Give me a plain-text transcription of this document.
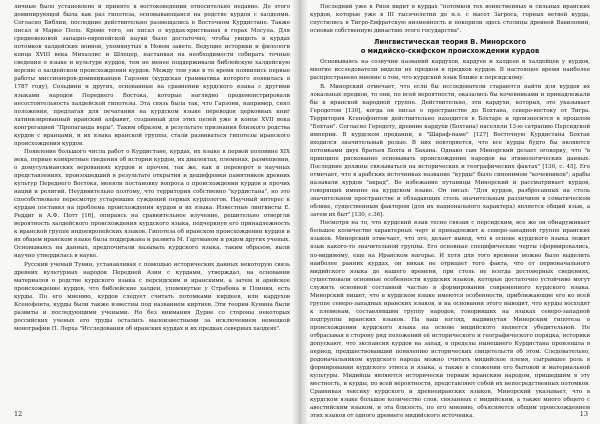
личные было установлено и принято в востоковедении относительно недавно. До этого доминирующей была как раз гипотеза, основывающаяся на родстве курдов с халдеями. Согласно Библии, последние действительно размещались в Восточном Курдистане. Также писал и Марко Поло. Кроме того, он писал о курдах-христианах в горах Мосула. Для средневековой западно-европейской науки было достаточно, чтобы увидеть в курдах потомков халдейских воинов, упомянутых в Новом завете. Ведущие историки и филологи конца XVIII века Михаэлис и Шлецер, настаивая на необходимости собирать точные сведения о языке и культуре курдов, тем не менее поддерживали библейскую халдейскую версию о халдейском происхождении курдов. Между тем уже в то время появились первые работы миссионеров-доминиканцев Гарзони (курдская грамматика которого появилась в 1787 году), Сольдини и других, основанные на сравнении курдского языка с другими языками народов Переднего Востока, которые наглядно продемонстрировали несостоятельность халдейской гипотезы. Эта связь была так, что Гарзони, например, снял положения, предлагая для печатания на курдском языке переводов церковных книг латинизированный иранский алфавит, созданный для этих целей уже в конце XVII века конгрегацией "Пропаганда веры". Таким образом, в результате признания близкого родства курдов с иранцами, и их языка иранской группы, стали развиваться гипотезы иранского происхождения курдов.

Появление большого числа работ о Курдистане, курдах, их языке в первой половине XIX века, первые конкретные сведения об истории курдов, их диалектах, племенах, размещении, о домусульманских верованиях курдов и прочем, так же, как и переворот в научных представлениях, произошедший в результате открытия и дешифровки памятников древних культур Переднего Востока, меняли постановку вопроса о происхождении курдов и прочих наций и религий. Неудивительно поэтому, что территория собственно "курдистана", но это способствовало пересмотру устаревших суждений первых курдологов. Научный интерес к курдам поставил на проблема происхождения курдов и их языка. Известные лингвисты Е. Реддиг и А.Ф. Потт [16], опираясь на сравнительное изучение, решительно отвергли вероятность халдейского происхождения курдского языка, подчеркнув его принадлежность к иранской группе индоевропейских языков. Гипотеза об иранском происхождении курдов и их общем иранском языке была поддержана и развита М. Гартманом и рядом других ученых. Основываясь на данных, предпочитали называть курдского языка, таким образом, выли научно утвердилась в науке.

Русский ученый Тунин, устанавливая с помощью исторических данных некоторую связь древних культурных народов Передней Азии с курдами, утверждал, на основании материалов о родстве курдского языка с персидским и иранскими, а затем и арийское происхождение курдов, что библейские халдеи, упомянутые у Страбона и Плиния, есть курды. По его мнению, курдов следует считать потомками кирдеев, или кардухов Ксенофонта, курды были также известны под названием киртиев. Эти теории Кунина были развиты и последующими учеными. Но без внимания Дурне со стороны некоторых российских ученых его труды остались малоизвестными за исключением немецкой монографии П. Лерха "Исследования об иранских курдах и их предках северных халдеях".

12

Последний уже в Риоя видит в курдах "потомков тех воинственных и сильных иранских курдов, которые уже в III тысячелетии до н.э. с высот Загроса, горных ветвей курда, спустились в Тигро-Евфратскую низменность и покорили здесь столицы древней Вавилонии, основав собственную династию этого государства".

Лингвистическая теория В. Минорского
о мидийско-скифском происхождении курдов

Основываясь на созвучии названий кардухов, кардуев и халдеев и халдейцев у курдов, многие исследователи видели их предков в предков курдов. В настоящее время наиболее распространено мнение о том, что курдский язык ближе к персидскому.

В. Минорский отмечает, что если бы исследователи стараются найти для курдов их локальных предков, то они, по всей вероятности, оказались бы кочевниками и принадлежали бы к иранской народной группе. Действительно, эти кардухи, которых, это указывает Геродотом [130], когда он писал о пространстве до Бохтана, северо-востоку от Тигра. Территория Ксенофонтом действительно находится в Бохтаре и произносится в прошлом "Бохтан". Согласно Геродоту, древние кардухи (Бохтана) населяли 13-ю сатрапию Персидской империи. В курдском предании, в "Шараф-наме" [127] Восточную Курдистана Бохтан входился значительный ролью. В них повторяется, что все курды будто бы являются потомками двух братьев Бохта и Бахана. Однако сам Минорский делает оговорку, что "в принципе рискованно основывать происхождение народов на этимологических данных. Последние должны связываться на исторических и географических фактах" [130, с. 45]. Его отмечает, что в арабских источниках название "курды" было синонимом "кочевников"; арабы называли курдов "акрад". Во избежание путаницы Минорский и рассматривает курдов, говорящих именно на курдском языке. Он писал: "Для курдов, разбросанных на столь значительном пространстве и обладающих столь значительным различием в соматическом облике, существенным фактором (для их национального характера) является общий язык, а затем их быт" [130, с.36].

Несмотря на то, что курдский язык тесно связан с персидским, все же он обнаруживает большое количество характерных черт и принадлежит к северо-западной группе иранских языков. Минорский отмечает, что это, делает вывод, что в основе курдского языка лежит язык какого-то значительной группы. Его основные специфические черты сформировались, по-видимому, еще на Иранском нагорье. И хотя для того времени можно было выделить наиболее ранних курдах, он никак не отрицает того факта, что от первоначального мидийского языка до нашего времени, при столь не всегда достоверных сведениях, существовали основные особенности курдских языков, которые достаточно устойчиво могут служить основной составной частью в формировании современного курдского языка. Минорский пишет, что в курдском языке имеются особенности, приближающие его ко всей группе северо-западных иранских языков, и на основании этого выводит, что курды восходят к племенам, составлявшим группу народов, говоривших на языках северо-западной подгруппы иранских языков. На наш взгляд, выдвинутая Минорским гипотеза о происхождении курдского языка на основе мидийского является убедительной. Не отбрасывая в сторону ряд положений её исторического и географического порядка, историки допускают, что экспансия курдов на запад, в пределы нынешнего Курдистана произошла в период, предшествовавший появлению исторических свидетельств об этом. Следовательно, родоначальником курдского народа можно считать мидийское племя, сыгравшее роль в формировании курдского этноса и языка, а также в сложении его бытовой и материальной культуры. Мидийцы являются исторически первым иранским народом, пришедшим в эту местность, и курды, по всей вероятности, представляют собой их непосредственных потомков. Сравнивая лексику курдского и древнеиранских языков, Минорский указывает, что в курдском языке большое количество слов, связанных с мидийским, а также много общего с авестийским языком, и эта близость, по его мнению, объясняется общим происхождением этих языков от одного древнего мидийского источника.	13
